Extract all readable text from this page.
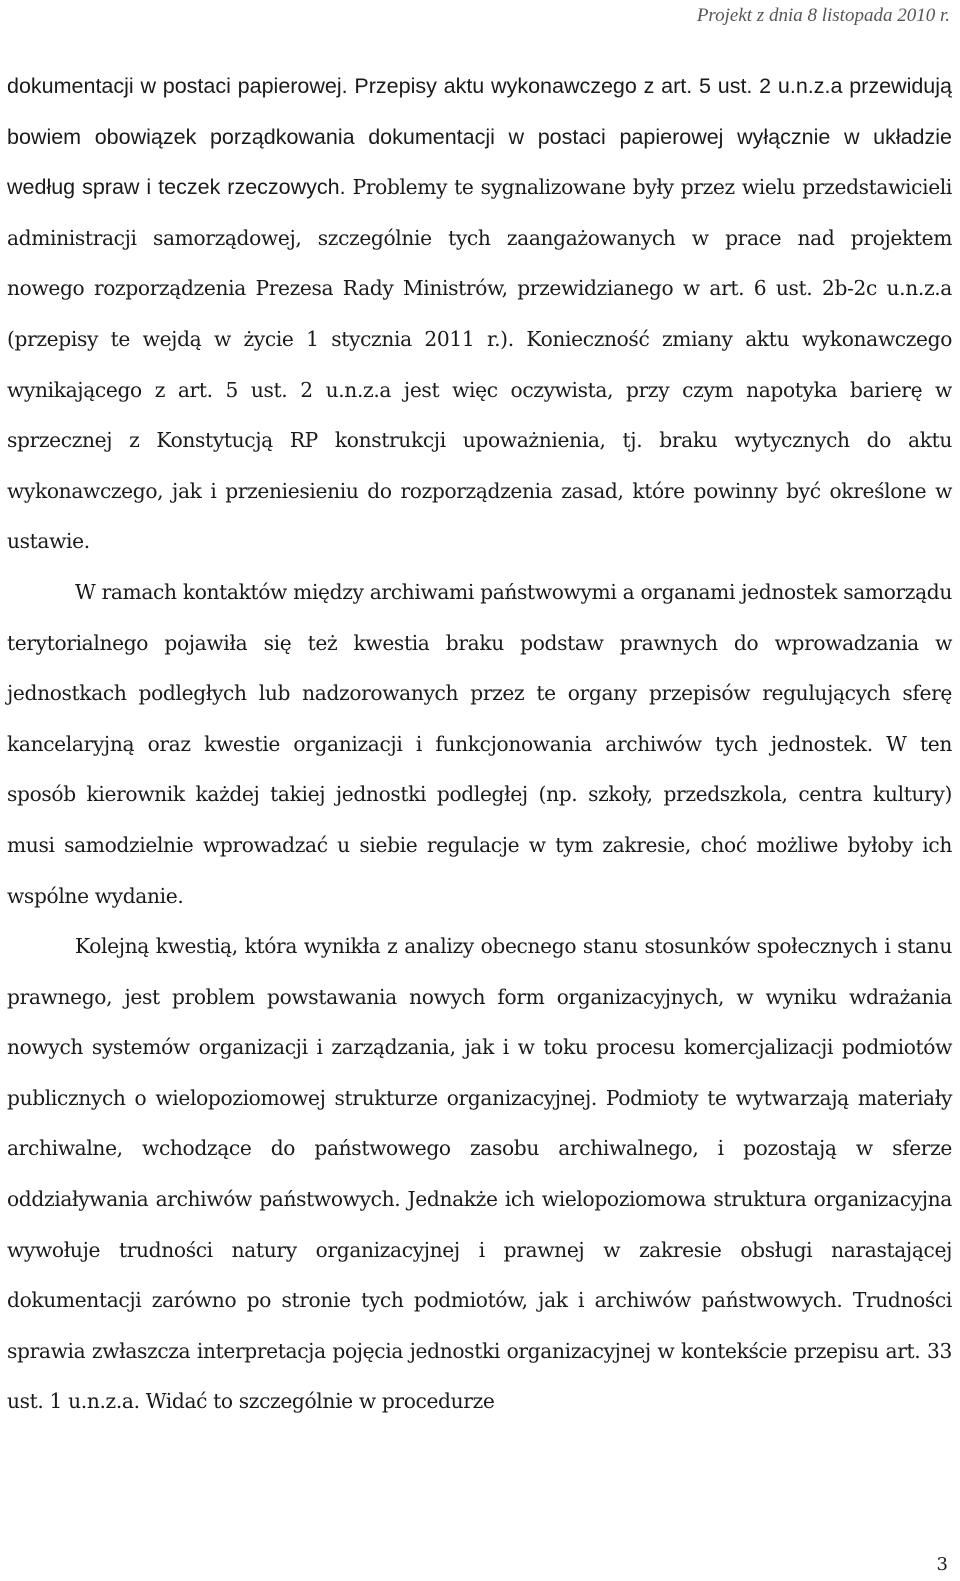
Projekt z dnia 8 listopada 2010 r.

dokumentacji w postaci papierowej. Przepisy aktu wykonawczego z art. 5 ust. 2 u.n.z.a przewidują bowiem obowiązek porządkowania dokumentacji w postaci papierowej wyłącznie w układzie według spraw i teczek rzeczowych. Problemy te sygnalizowane były przez wielu przedstawicieli administracji samorządowej, szczególnie tych zaangażowanych w prace nad projektem nowego rozporządzenia Prezesa Rady Ministrów, przewidzianego w art. 6 ust. 2b-2c u.n.z.a (przepisy te wejdą w życie 1 stycznia 2011 r.). Konieczność zmiany aktu wykonawczego wynikającego z art. 5 ust. 2 u.n.z.a jest więc oczywista, przy czym napotyka barierę w sprzecznej z Konstytucją RP konstrukcji upoważnienia, tj. braku wytycznych do aktu wykonawczego, jak i przeniesieniu do rozporządzenia zasad, które powinny być określone w ustawie.

W ramach kontaktów między archiwami państwowymi a organami jednostek samorządu terytorialnego pojawiła się też kwestia braku podstaw prawnych do wprowadzania w jednostkach podległych lub nadzorowanych przez te organy przepisów regulujących sferę kancelaryjną oraz kwestie organizacji i funkcjonowania archiwów tych jednostek. W ten sposób kierownik każdej takiej jednostki podległej (np. szkoły, przedszkola, centra kultury) musi samodzielnie wprowadzać u siebie regulacje w tym zakresie, choć możliwe byłoby ich wspólne wydanie.

Kolejną kwestią, która wynikła z analizy obecnego stanu stosunków społecznych i stanu prawnego, jest problem powstawania nowych form organizacyjnych, w wyniku wdrażania nowych systemów organizacji i zarządzania, jak i w toku procesu komercjalizacji podmiotów publicznych o wielopoziomowej strukturze organizacyjnej. Podmioty te wytwarzają materiały archiwalne, wchodzące do państwowego zasobu archiwalnego, i pozostają w sferze oddziaływania archiwów państwowych. Jednakże ich wielopoziomowa struktura organizacyjna wywołuje trudności natury organizacyjnej i prawnej w zakresie obsługi narastającej dokumentacji zarówno po stronie tych podmiotów, jak i archiwów państwowych. Trudności sprawia zwłaszcza interpretacja pojęcia jednostki organizacyjnej w kontekście przepisu art. 33 ust. 1 u.n.z.a. Widać to szczególnie w procedurze

3
